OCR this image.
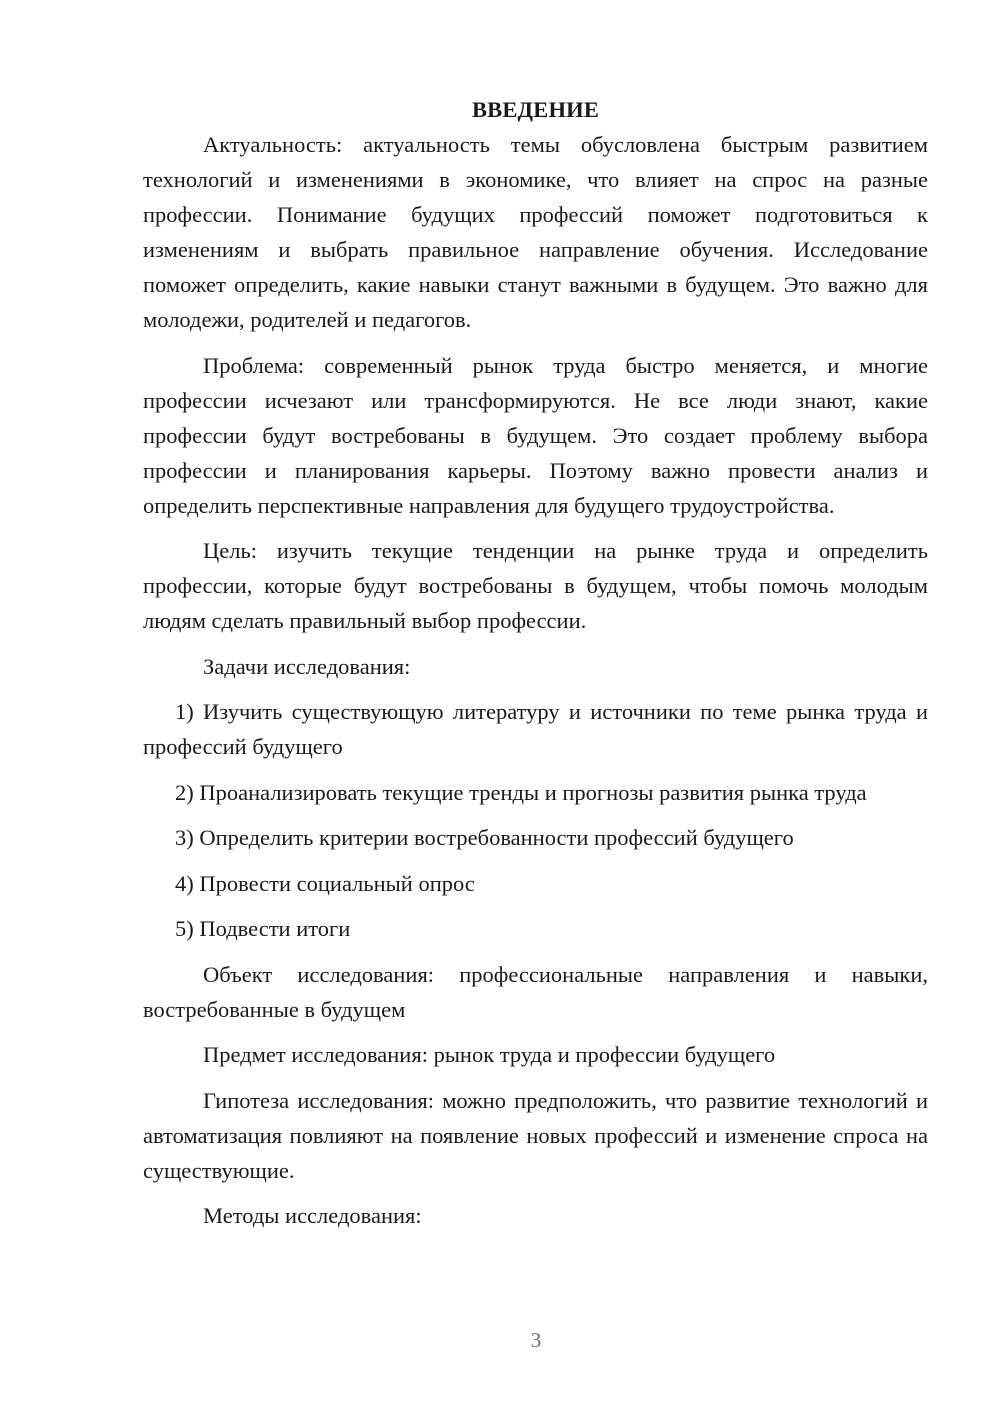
ВВЕДЕНИЕ

Актуальность: актуальность темы обусловлена быстрым развитием технологий и изменениями в экономике, что влияет на спрос на разные профессии. Понимание будущих профессий поможет подготовиться к изменениям и выбрать правильное направление обучения. Исследование поможет определить, какие навыки станут важными в будущем. Это важно для молодежи, родителей и педагогов.

Проблема: современный рынок труда быстро меняется, и многие профессии исчезают или трансформируются. Не все люди знают, какие профессии будут востребованы в будущем. Это создает проблему выбора профессии и планирования карьеры. Поэтому важно провести анализ и определить перспективные направления для будущего трудоустройства.

Цель: изучить текущие тенденции на рынке труда и определить профессии, которые будут востребованы в будущем, чтобы помочь молодым людям сделать правильный выбор профессии.

Задачи исследования:

1) Изучить существующую литературу и источники по теме рынка труда и профессий будущего

2) Проанализировать текущие тренды и прогнозы развития рынка труда

3) Определить критерии востребованности профессий будущего

4) Провести социальный опрос

5) Подвести итоги

Объект исследования: профессиональные направления и навыки, востребованные в будущем

Предмет исследования: рынок труда и профессии будущего

Гипотеза исследования: можно предположить, что развитие технологий и автоматизация повлияют на появление новых профессий и изменение спроса на существующие.

Методы исследования:

3
